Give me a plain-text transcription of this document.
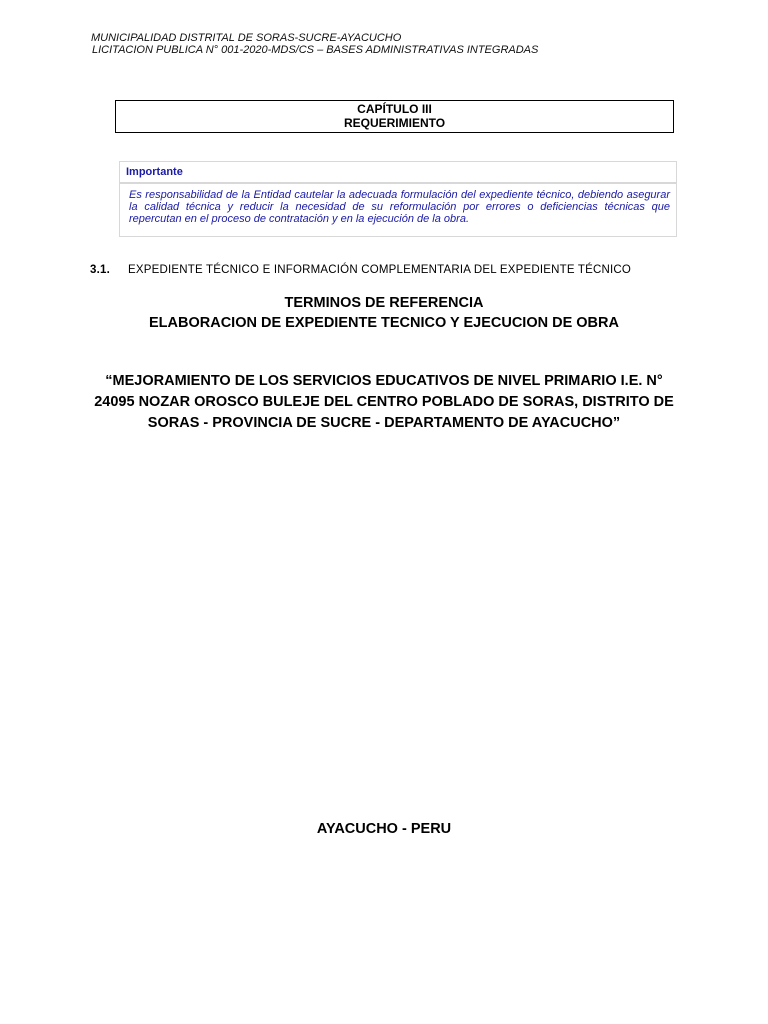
MUNICIPALIDAD DISTRITAL DE SORAS-SUCRE-AYACUCHO
LICITACION PUBLICA N° 001-2020-MDS/CS – BASES ADMINISTRATIVAS INTEGRADAS
CAPÍTULO III
REQUERIMIENTO
Importante
Es responsabilidad de la Entidad cautelar la adecuada formulación del expediente técnico, debiendo asegurar la calidad técnica y reducir la necesidad de su reformulación por errores o deficiencias técnicas que repercutan en el proceso de contratación y en la ejecución de la obra.
3.1. EXPEDIENTE TÉCNICO E INFORMACIÓN COMPLEMENTARIA DEL EXPEDIENTE TÉCNICO
TERMINOS DE REFERENCIA
ELABORACION DE EXPEDIENTE TECNICO Y EJECUCION DE OBRA
“MEJORAMIENTO DE LOS SERVICIOS EDUCATIVOS DE NIVEL PRIMARIO I.E. N° 24095 NOZAR OROSCO BULEJE DEL CENTRO POBLADO DE SORAS, DISTRITO DE SORAS - PROVINCIA DE SUCRE - DEPARTAMENTO DE AYACUCHO”
AYACUCHO - PERU
